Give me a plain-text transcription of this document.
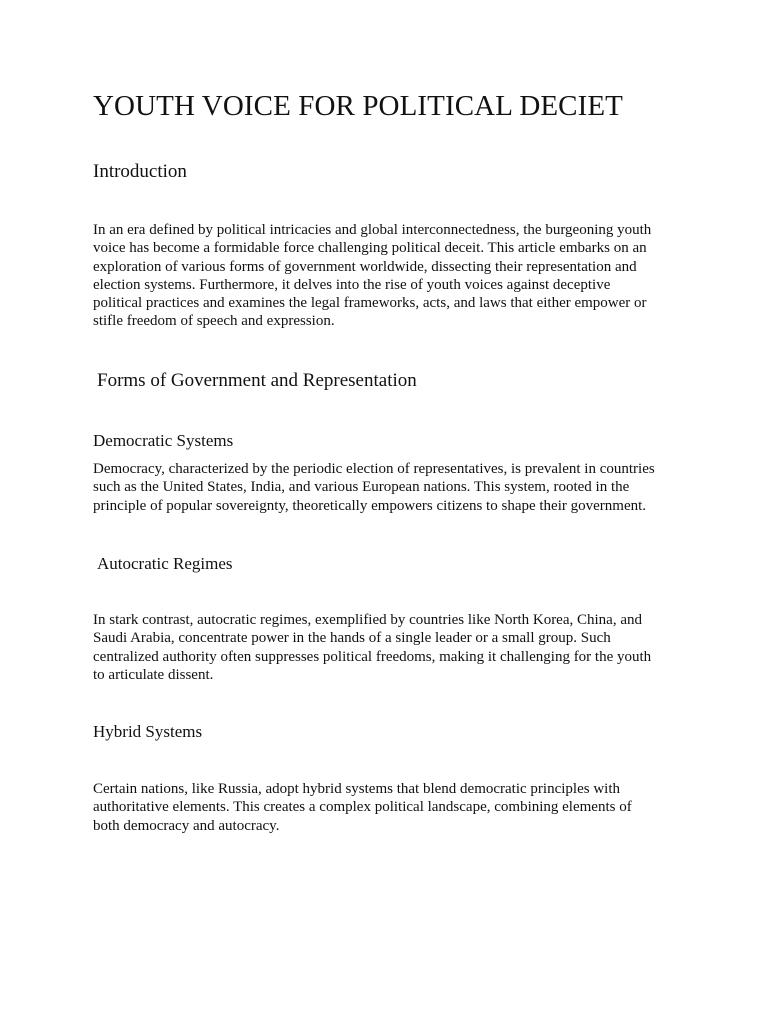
YOUTH VOICE FOR POLITICAL DECIET
Introduction

In an era defined by political intricacies and global interconnectedness, the burgeoning youth
voice has become a formidable force challenging political deceit. This article embarks on an
exploration of various forms of government worldwide, dissecting their representation and
election systems. Furthermore, it delves into the rise of youth voices against deceptive
political practices and examines the legal frameworks, acts, and laws that either empower or
stifle freedom of speech and expression.

Forms of Government and Representation
Democratic Systems

Democracy, characterized by the periodic election of representatives, is prevalent in countries
such as the United States, India, and various European nations. This system, rooted in the
principle of popular sovereignty, theoretically empowers citizens to shape their government.

Autocratic Regimes

In stark contrast, autocratic regimes, exemplified by countries like North Korea, China, and
Saudi Arabia, concentrate power in the hands of a single leader or a small group. Such
centralized authority often suppresses political freedoms, making it challenging for the youth
to articulate dissent.

Hybrid Systems

Certain nations, like Russia, adopt hybrid systems that blend democratic principles with
authoritative elements. This creates a complex political landscape, combining elements of
both democracy and autocracy.
